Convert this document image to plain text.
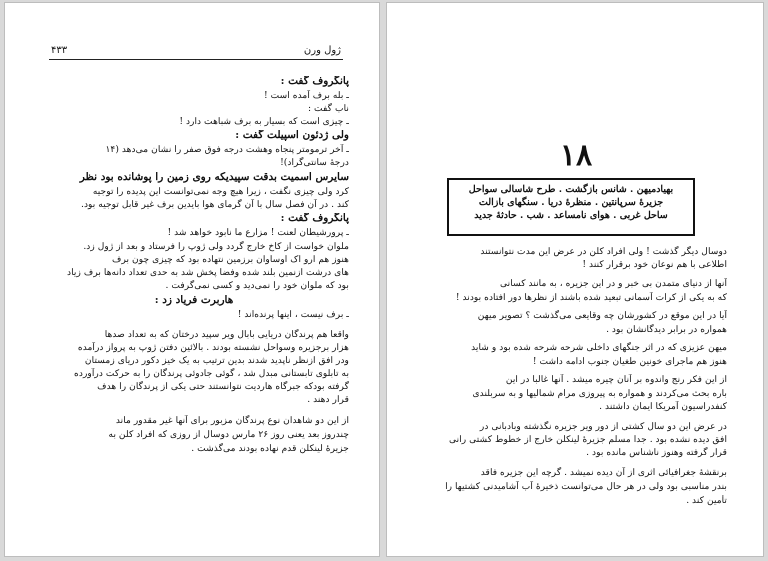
۴۳۳	ژول ورن
پانگروف گفت :
ـ بله برف آمده است !
ناب گفت :
ـ چیزی است که بسیار به برف شباهت دارد !
ولی ژدئون اسپیلت گفت :
ـ آخر ترمومتر پنجاه وهشت درجه فوق صفر را نشان می‌دهد (۱۴
درجهٔ سانتی‌گراد)!
سایرس اسمیت بدقت سپیدیکه روی زمین را پوشانده بود نظر
کرد ولی چیزی نگفت ، زیرا هیچ وجه نمی‌توانست این پدیده را توجیه
کند . در آن فصل سال با آن گرمای هوا بایدین برف غیر قابل توجیه بود.
پانگروف گفت :
ـ پرورشیطان لعنت ! مزارع ما نابود خواهد شد !
ملوان خواست از کاخ خارج گردد ولی ژوپ را فرستاد و بعد از ژول زد.
هنوز هم ارو اک او‌ساوان برزمین نتهاده بود که چیزی چون برف
های درشت ازنمین بلند شده وفضا پخش شد به حدی تعداد دانه‌ها برف زیاد
بود که ملوان خود را نمی‌دید و کسی نمی‌گرفت .
هاربرت فریاد زد :
ـ برف نیست ، اینها پرنده‌اند !
واقعا هم پرندگان دریایی بابال ویر سپید درختان که به تعداد صدها
هزار برجزیره وسواحل نشسته بودند . بالائین دفتن ژوپ به پرواز درآمده
ودر افق ازنظر ناپدید شدند بدین ترتیب به یک خیز دکور دریای زمستان
به تابلوی تابستانی مبدل شد ، گوئی جادوئی پرندگان را به حرکت درآورده
گرفته بودکه جبرگاه هاردیت نتوانستند حتی یکی از پرندگان را هدف
قرار دهند .
از این دو شاهدان نوع پرندگان مزبور برای آنها غیر مقدور ماند
چندروز بعد یعنی روز ۲۶ مارس دوسال از روزی که افراد کلن به
جزیرهٔ لینکلن قدم نهاده بودند می‌گذشت .
۱۸
بهیادمیهن . شانس بازگشت . طرح شاسالی سواحل
جزیرهٔ سرپانتین . منظرهٔ دریا . سنگهای بازالت
ساحل غربی . هوای نامساعد . شب . حادثهٔ جدید
دوسال دیگر گذشت ! ولی افراد کلن در عرض این مدت نتوانستند
اطلاعی با هم نوعان خود برقرار کنند !
آنها از دنیای متمدن بی خبر و در این جزیره ، به مانند کسانی
که به یکی از کرات آسمانی تبعید شده باشند از نظرها دور افتاده بودند !
آیا در این موقع در کشورشان چه وقایعی می‌گذشت ؟ تصویر میهن
همواره در برابر دیدگانشان بود .
میهن عزیزی که در اثر جنگهای داخلی شرحه شرحه شده بود و شاید
هنوز هم ماجرای خونین طغیان جنوب ادامه داشت !
از این فکر رنج واندوه بر آنان چیره میشد . آنها غالبا در این
باره بحث می‌کردند و همواره به پیروزی مرام شمالیها و به سربلندی
کنفدراسیون آمریکا ایمان داشتند .
در عرض این دو سال کشتی از دور ویر جزیره نگذشته وبادبانی در
افق دیده نشده بود . جدا مسلم جزیرهٔ لینکلن خارج از خطوط کشتی رانی
قرار گرفته وهنوز ناشناس مانده بود .
برنقشهٔ جغرافیائی اثری از آن دیده نمیشد . گرچه این جزیره فاقد
بندر مناسبی بود ولی در هر حال می‌توانست ذخیرهٔ آب آشامیدنی کشتیها را
تأمین کند .
